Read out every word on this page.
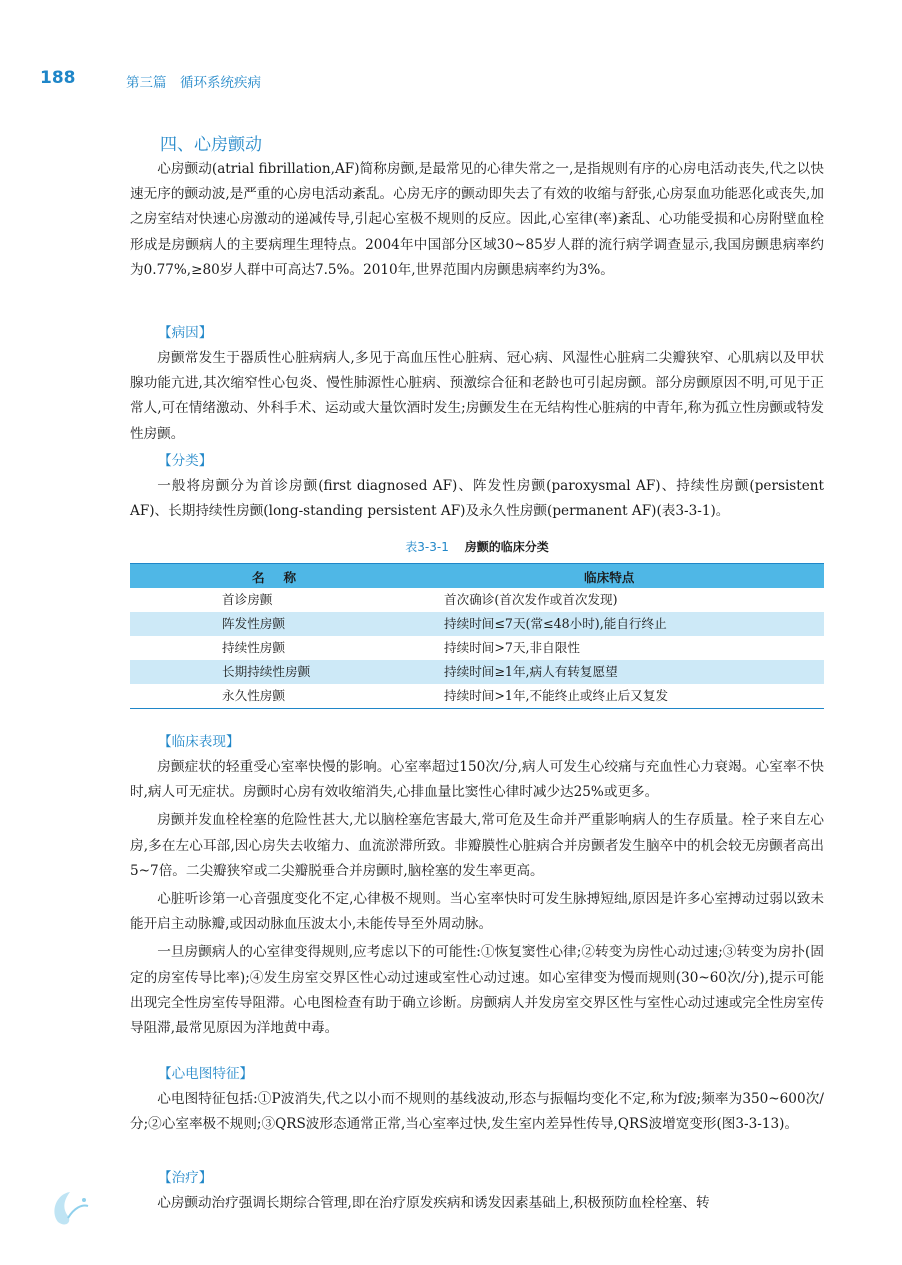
188	第三篇　循环系统疾病
四、心房颤动

心房颤动(atrial fibrillation,AF)简称房颤,是最常见的心律失常之一,是指规则有序的心房电活动丧失,代之以快速无序的颤动波,是严重的心房电活动紊乱。心房无序的颤动即失去了有效的收缩与舒张,心房泵血功能恶化或丧失,加之房室结对快速心房激动的递减传导,引起心室极不规则的反应。因此,心室律(率)紊乱、心功能受损和心房附壁血栓形成是房颤病人的主要病理生理特点。2004年中国部分区域30~85岁人群的流行病学调查显示,我国房颤患病率约为0.77%,≥80岁人群中可高达7.5%。2010年,世界范围内房颤患病率约为3%。

【病因】

房颤常发生于器质性心脏病病人,多见于高血压性心脏病、冠心病、风湿性心脏病二尖瓣狭窄、心肌病以及甲状腺功能亢进,其次缩窄性心包炎、慢性肺源性心脏病、预激综合征和老龄也可引起房颤。部分房颤原因不明,可见于正常人,可在情绪激动、外科手术、运动或大量饮酒时发生;房颤发生在无结构性心脏病的中青年,称为孤立性房颤或特发性房颤。

【分类】

一般将房颤分为首诊房颤(first diagnosed AF)、阵发性房颤(paroxysmal AF)、持续性房颤(persistent AF)、长期持续性房颤(long-standing persistent AF)及永久性房颤(permanent AF)(表3-3-1)。

表3-3-1 房颤的临床分类
名称	临床特点
首诊房颤	首次确诊(首次发作或首次发现)
阵发性房颤	持续时间≤7天(常≤48小时),能自行终止
持续性房颤	持续时间>7天,非自限性
长期持续性房颤	持续时间≥1年,病人有转复愿望
永久性房颤	持续时间>1年,不能终止或终止后又复发
【临床表现】

房颤症状的轻重受心室率快慢的影响。心室率超过150次/分,病人可发生心绞痛与充血性心力衰竭。心室率不快时,病人可无症状。房颤时心房有效收缩消失,心排血量比窦性心律时减少达25%或更多。

房颤并发血栓栓塞的危险性甚大,尤以脑栓塞危害最大,常可危及生命并严重影响病人的生存质量。栓子来自左心房,多在左心耳部,因心房失去收缩力、血流淤滞所致。非瓣膜性心脏病合并房颤者发生脑卒中的机会较无房颤者高出5~7倍。二尖瓣狭窄或二尖瓣脱垂合并房颤时,脑栓塞的发生率更高。

心脏听诊第一心音强度变化不定,心律极不规则。当心室率快时可发生脉搏短绌,原因是许多心室搏动过弱以致未能开启主动脉瓣,或因动脉血压波太小,未能传导至外周动脉。

一旦房颤病人的心室律变得规则,应考虑以下的可能性:①恢复窦性心律;②转变为房性心动过速;③转变为房扑(固定的房室传导比率);④发生房室交界区性心动过速或室性心动过速。如心室律变为慢而规则(30~60次/分),提示可能出现完全性房室传导阻滞。心电图检查有助于确立诊断。房颤病人并发房室交界区性与室性心动过速或完全性房室传导阻滞,最常见原因为洋地黄中毒。

【心电图特征】

心电图特征包括:①P波消失,代之以小而不规则的基线波动,形态与振幅均变化不定,称为f波;频率为350~600次/分;②心室率极不规则;③QRS波形态通常正常,当心室率过快,发生室内差异性传导,QRS波增宽变形(图3-3-13)。

【治疗】

心房颤动治疗强调长期综合管理,即在治疗原发疾病和诱发因素基础上,积极预防血栓栓塞、转
